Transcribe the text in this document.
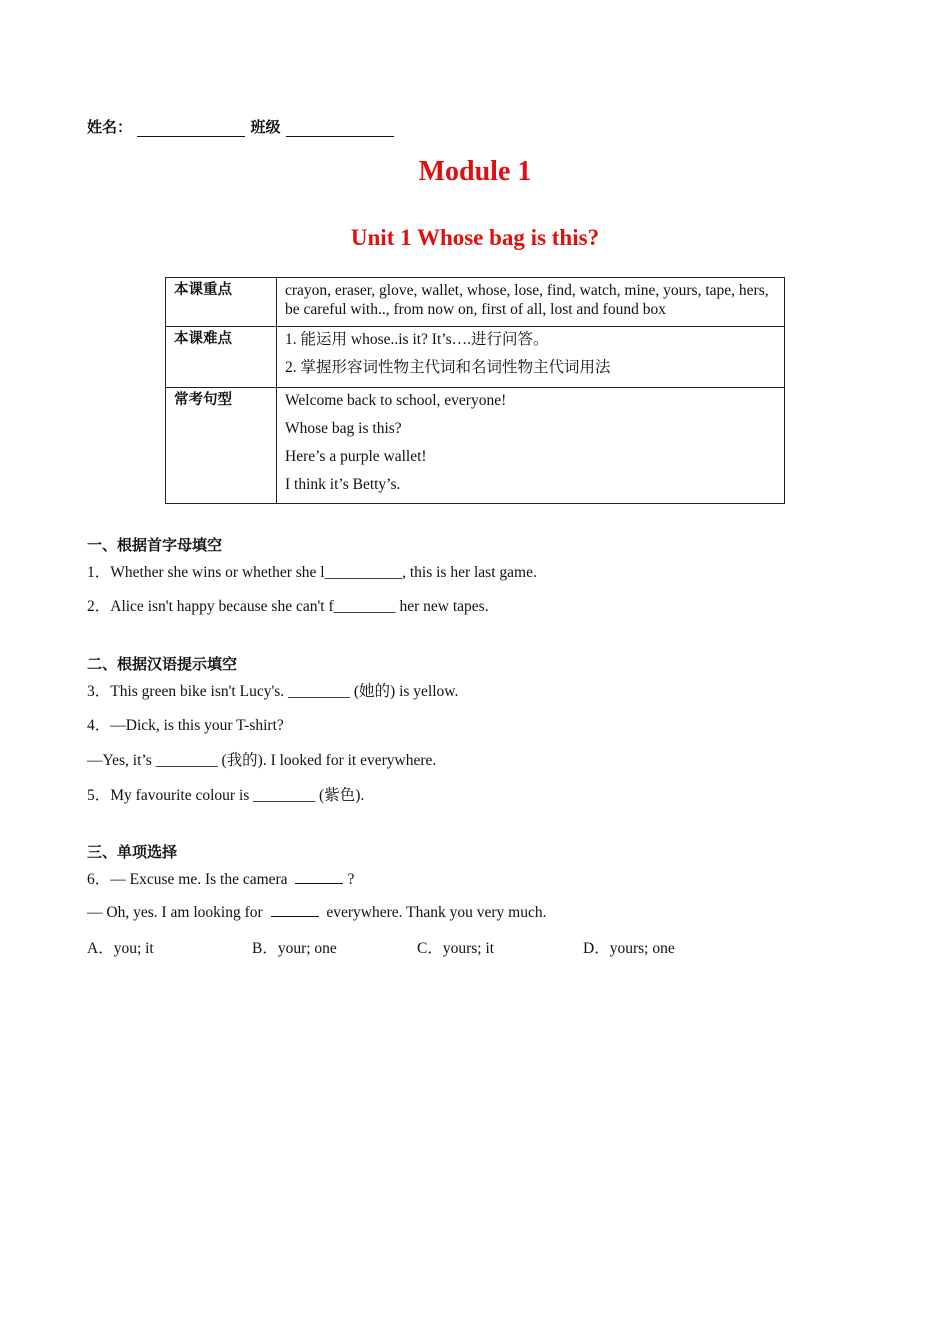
姓名：	班级
Module 1
Unit 1 Whose bag is this?
本课重点	crayon, eraser, glove, wallet, whose, lose, find, watch, mine, yours, tape, hers, be careful with.., from now on, first of all, lost and found box

本课难点	1. 能运用 whose..is it? It’s….进行问答。
2. 掌握形容词性物主代词和名词性物主代词用法

常考句型	Welcome back to school, everyone!
Whose bag is this?
Here’s a purple wallet!
I think it’s Betty’s.
一、根据首字母填空
1．Whether she wins or whether she l__________, this is her last game.
2．Alice isn't happy because she can't f________ her new tapes.
二、根据汉语提示填空
3．This green bike isn't Lucy's. ________ (她的) is yellow.
4．—Dick, is this your T-shirt?
—Yes, it’s ________ (我的). I looked for it everywhere.
5．My favourite colour is ________ (紫色).
三、单项选择
6．— Excuse me. Is the camera	?
— Oh, yes. I am looking for	everywhere. Thank you very much.
A．you; it	B．your; one	C．yours; it	D．yours; one
